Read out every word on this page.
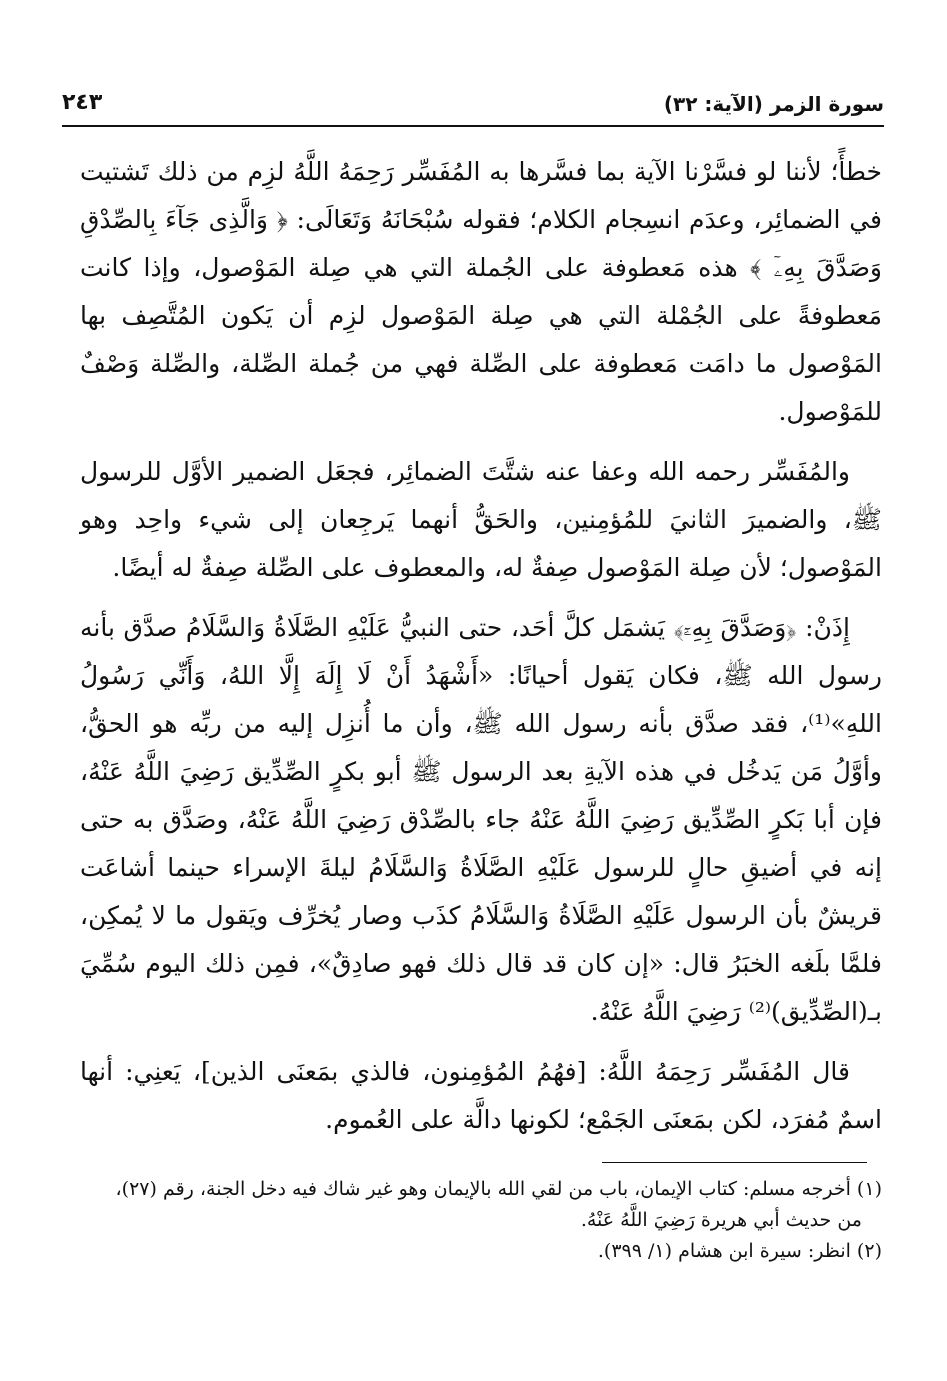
سورة الزمر (الآية: ٣٢)
٢٤٣

خطأً؛ لأننا لو فسَّرْنا الآية بما فسَّرها به المُفَسِّر رَحِمَهُ اللَّهُ لزِم من ذلك تَشتيت في الضمائِر، وعدَم انسِجام الكلام؛ فقوله سُبْحَانَهُ وَتَعَالَى: ﴿ وَالَّذِى جَآءَ بِالصِّدْقِ وَصَدَّقَ بِهِۦٓ ﴾ هذه مَعطوفة على الجُملة التي هي صِلة المَوْصول، وإذا كانت مَعطوفةً على الجُمْلة التي هي صِلة المَوْصول لزِم أن يَكون المُتَّصِف بها المَوْصول ما دامَت مَعطوفة على الصِّلة فهي من جُملة الصِّلة، والصِّلة وَصْفٌ للمَوْصول.

والمُفَسِّر رحمه الله وعفا عنه شتَّتَ الضمائِر، فجعَل الضمير الأوَّل للرسول ﷺ، والضميرَ الثانيَ للمُؤمِنين، والحَقُّ أنهما يَرجِعان إلى شيء واحِد وهو المَوْصول؛ لأن صِلة المَوْصول صِفةٌ له، والمعطوف على الصِّلة صِفةٌ له أيضًا.

إِذَنْ: ﴿وَصَدَّقَ بِهِۦٓ﴾ يَشمَل كلَّ أحَد، حتى النبيُّ عَلَيْهِ الصَّلَاةُ وَالسَّلَامُ صدَّق بأنه رسول الله ﷺ، فكان يَقول أحيانًا: «أَشْهَدُ أَنْ لَا إِلَهَ إِلَّا اللهُ، وَأَنِّي رَسُولُ اللهِ»⁽¹⁾، فقد صدَّق بأنه رسول الله ﷺ، وأن ما أُنزِل إليه من ربِّه هو الحقُّ، وأوَّلُ مَن يَدخُل في هذه الآيةِ بعد الرسول ﷺ أبو بكرٍ الصِّدِّيق رَضِيَ اللَّهُ عَنْهُ، فإن أبا بَكرٍ الصِّدِّيق رَضِيَ اللَّهُ عَنْهُ جاء بالصِّدْق رَضِيَ اللَّهُ عَنْهُ، وصَدَّق به حتى إنه في أضيقِ حالٍ للرسول عَلَيْهِ الصَّلَاةُ وَالسَّلَامُ ليلةَ الإسراء حينما أشاعَت قريشٌ بأن الرسول عَلَيْهِ الصَّلَاةُ وَالسَّلَامُ كذَب وصار يُخرِّف ويَقول ما لا يُمكِن، فلمَّا بلَغه الخبَرُ قال: «إن كان قد قال ذلك فهو صادِقٌ»، فمِن ذلك اليوم سُمِّيَ بـ(الصِّدِّيق)⁽²⁾ رَضِيَ اللَّهُ عَنْهُ.

قال المُفَسِّر رَحِمَهُ اللَّهُ: [فهُمُ المُؤمِنون، فالذي بمَعنَى الذين]، يَعنِي: أنها اسمٌ مُفرَد، لكن بمَعنَى الجَمْع؛ لكونها دالَّة على العُموم.

(١) أخرجه مسلم: كتاب الإيمان، باب من لقي الله بالإيمان وهو غير شاك فيه دخل الجنة، رقم (٢٧)،

من حديث أبي هريرة رَضِيَ اللَّهُ عَنْهُ.

(٢) انظر: سيرة ابن هشام (١/ ٣٩٩).
